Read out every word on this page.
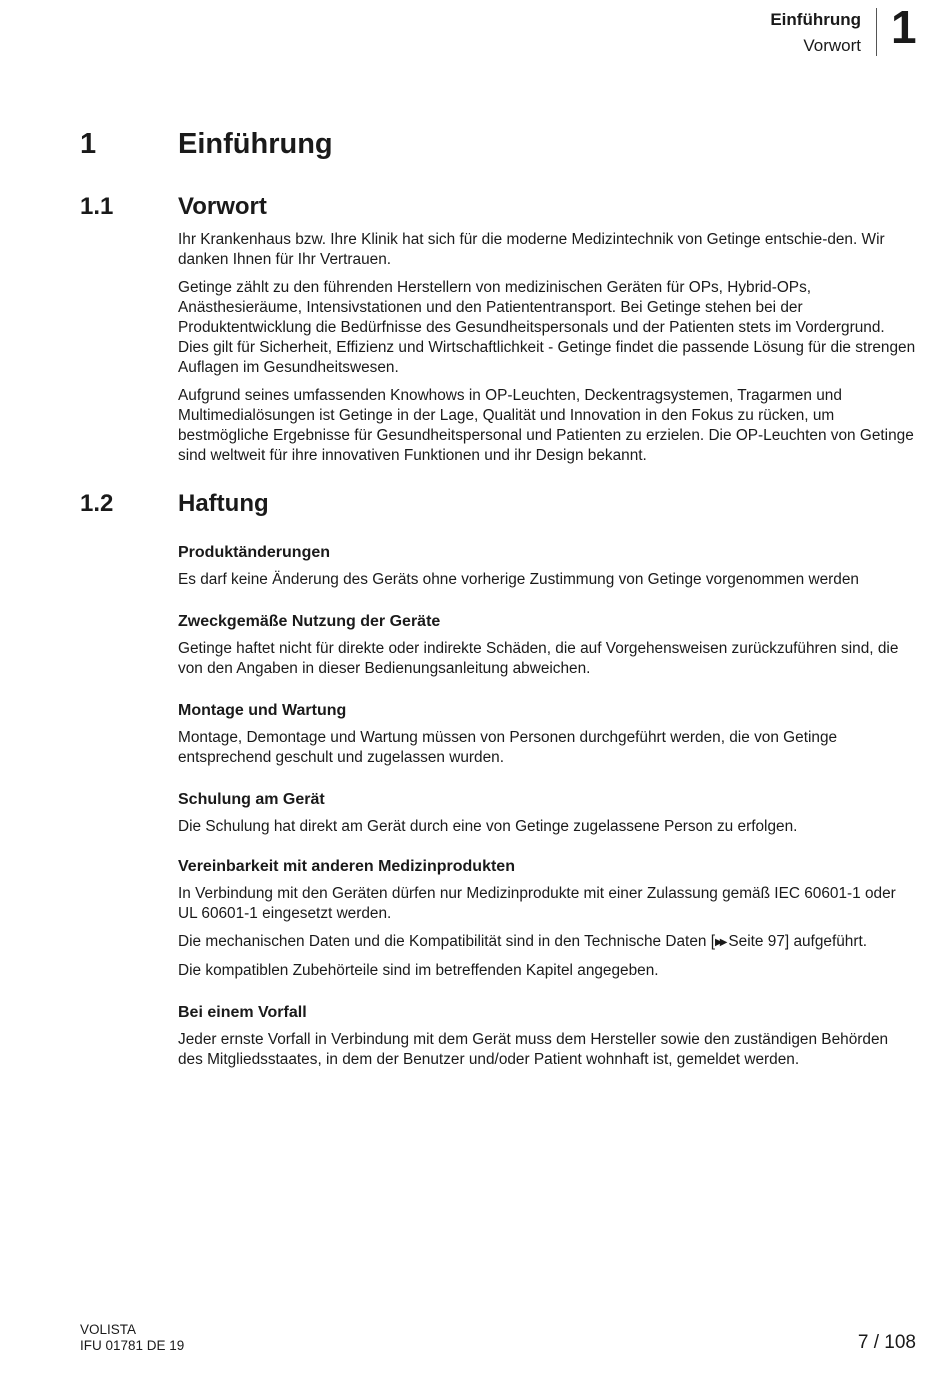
Einführung
Vorwort 1
1	Einführung
1.1	Vorwort

Ihr Krankenhaus bzw. Ihre Klinik hat sich für die moderne Medizintechnik von Getinge entschie-den. Wir danken Ihnen für Ihr Vertrauen.

Getinge zählt zu den führenden Herstellern von medizinischen Geräten für OPs, Hybrid-OPs, Anästhesieräume, Intensivstationen und den Patiententransport. Bei Getinge stehen bei der Produktentwicklung die Bedürfnisse des Gesundheitspersonals und der Patienten stets im Vordergrund. Dies gilt für Sicherheit, Effizienz und Wirtschaftlichkeit - Getinge findet die passende Lösung für die strengen Auflagen im Gesundheitswesen.

Aufgrund seines umfassenden Knowhows in OP-Leuchten, Deckentragsystemen, Tragarmen und Multimedialösungen ist Getinge in der Lage, Qualität und Innovation in den Fokus zu rücken, um bestmögliche Ergebnisse für Gesundheitspersonal und Patienten zu erzielen. Die OP-Leuchten von Getinge sind weltweit für ihre innovativen Funktionen und ihr Design bekannt.

1.2	Haftung
Produktänderungen

Es darf keine Änderung des Geräts ohne vorherige Zustimmung von Getinge vorgenommen werden

Zweckgemäße Nutzung der Geräte

Getinge haftet nicht für direkte oder indirekte Schäden, die auf Vorgehensweisen zurückzuführen sind, die von den Angaben in dieser Bedienungsanleitung abweichen.

Montage und Wartung

Montage, Demontage und Wartung müssen von Personen durchgeführt werden, die von Getinge entsprechend geschult und zugelassen wurden.

Schulung am Gerät

Die Schulung hat direkt am Gerät durch eine von Getinge zugelassene Person zu erfolgen.

Vereinbarkeit mit anderen Medizinprodukten

In Verbindung mit den Geräten dürfen nur Medizinprodukte mit einer Zulassung gemäß IEC 60601-1 oder UL 60601-1 eingesetzt werden.

Die mechanischen Daten und die Kompatibilität sind in den Technische Daten [▶▶ Seite 97] aufgeführt.

Die kompatiblen Zubehörteile sind im betreffenden Kapitel angegeben.

Bei einem Vorfall

Jeder ernste Vorfall in Verbindung mit dem Gerät muss dem Hersteller sowie den zuständigen Behörden des Mitgliedsstaates, in dem der Benutzer und/oder Patient wohnhaft ist, gemeldet werden.

VOLISTA
IFU 01781 DE 19	7 / 108
